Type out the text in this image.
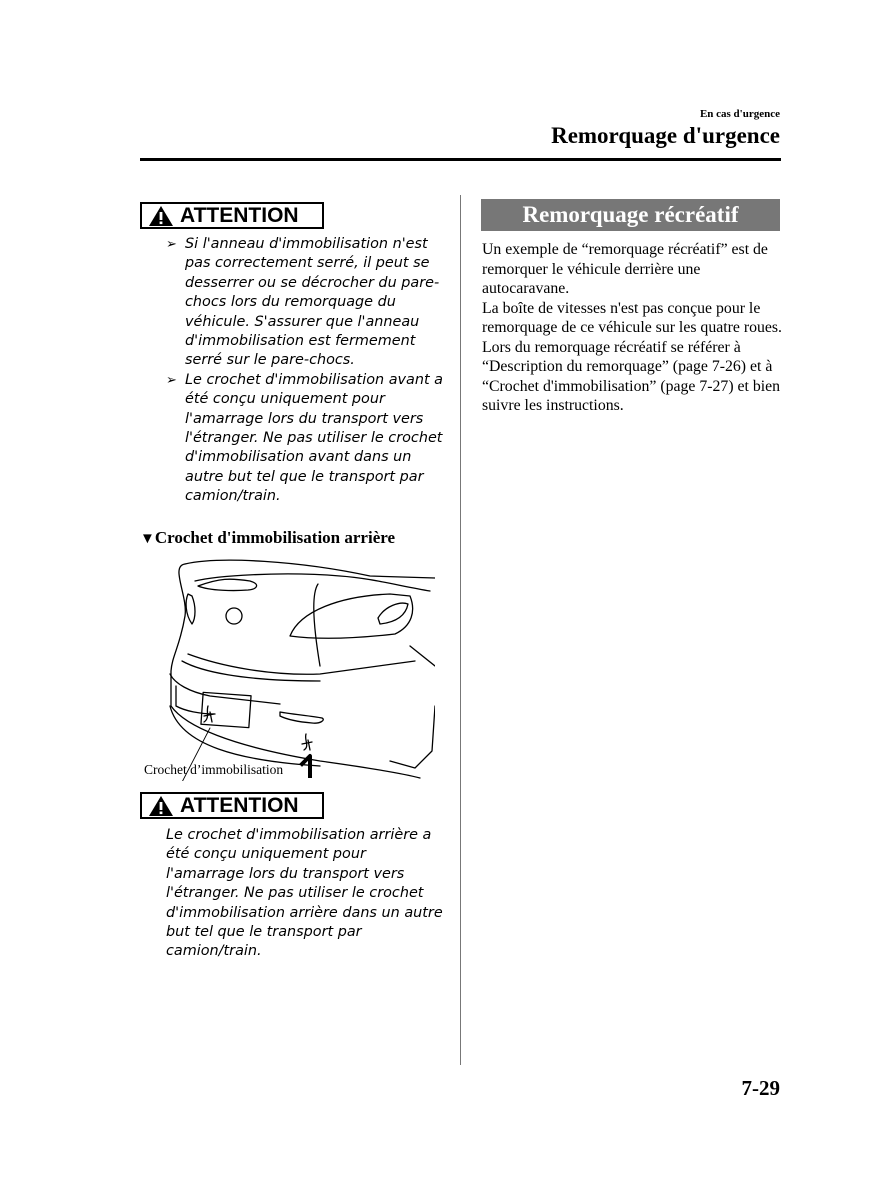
En cas d'urgence
Remorquage d'urgence
ATTENTION
➢ Si l'anneau d'immobilisation n'est pas correctement serré, il peut se desserrer ou se décrocher du pare-chocs lors du remorquage du véhicule. S'assurer que l'anneau d'immobilisation est fermement serré sur le pare-chocs.
➢ Le crochet d'immobilisation avant a été conçu uniquement pour l'amarrage lors du transport vers l'étranger. Ne pas utiliser le crochet d'immobilisation avant dans un autre but tel que le transport par camion/train.
▼Crochet d'immobilisation arrière
Crochet d’immobilisation
ATTENTION
Le crochet d'immobilisation arrière a été conçu uniquement pour l'amarrage lors du transport vers l'étranger. Ne pas utiliser le crochet d'immobilisation arrière dans un autre but tel que le transport par camion/train.
Remorquage récréatif

Un exemple de “remorquage récréatif” est de remorquer le véhicule derrière une autocaravane.

La boîte de vitesses n'est pas conçue pour le remorquage de ce véhicule sur les quatre roues.

Lors du remorquage récréatif se référer à “Description du remorquage” (page 7-26) et à “Crochet d'immobilisation” (page 7-27) et bien suivre les instructions.

7-29
